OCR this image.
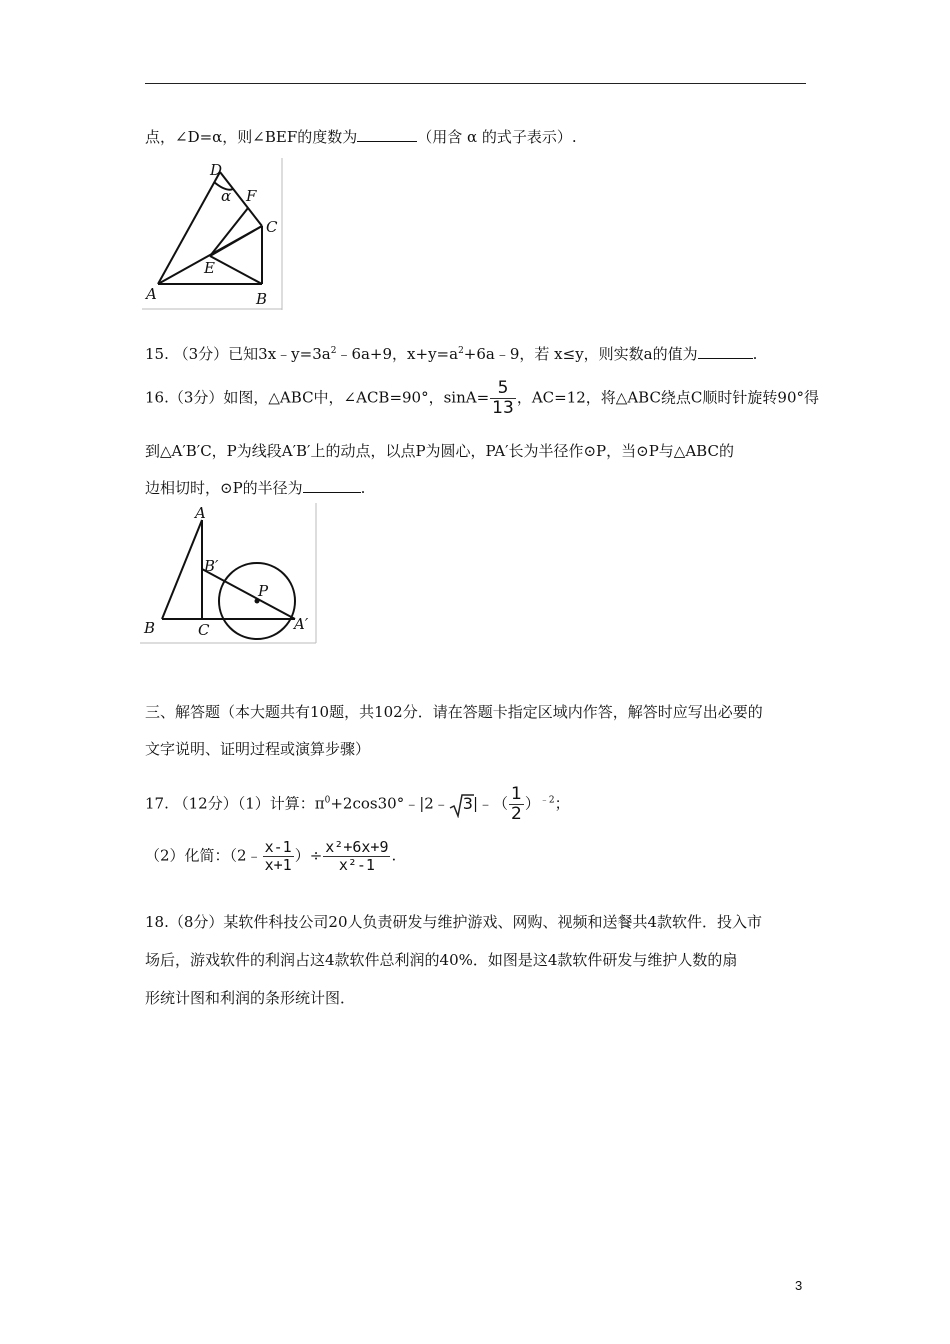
点，∠D=α，则∠BEF的度数为	（用含 α 的式子表示）.
D
α F
C
E
A	B
15. （3分）已知$3x﹣y=3a^2﹣6a+9$，$x+y=a^2+6a﹣9$，若 x≤y，则实数a的值为	.
16.（3分）如图，△ABC中，∠ACB=90°，$\sin A= \frac{5}{13}$ ，AC=12，将△ABC绕点C顺时针旋转90°得
到△A′B′C，P为线段A′B′上的动点，以点P为圆心，PA′长为半径作⊙P，当⊙P与△ABC的
边相切时，⊙P的半径为	.
A
B′
P
B	C	A′
三、解答题（本大题共有10题，共102分．请在答题卡指定区域内作答，解答时应写出必要的
文字说明、证明过程或演算步骤）
17. （12分）（1）计算：$\pi^0+2\cos 30^\circ﹣|2﹣$ 3|﹣（ $\frac{1}{2} )^{﹣2}$；
（2）化简：（2﹣ $\frac{x-1}{x+1}$ ）÷ $\frac{\text{x²+6x+9}}{\text{x²-1}}$ .
18.（8分）某软件科技公司20人负责研发与维护游戏、网购、视频和送餐共4款软件．投入市
场后，游戏软件的利润占这4款软件总利润的40%．如图是这4款软件研发与维护人数的扇
形统计图和利润的条形统计图．
3
